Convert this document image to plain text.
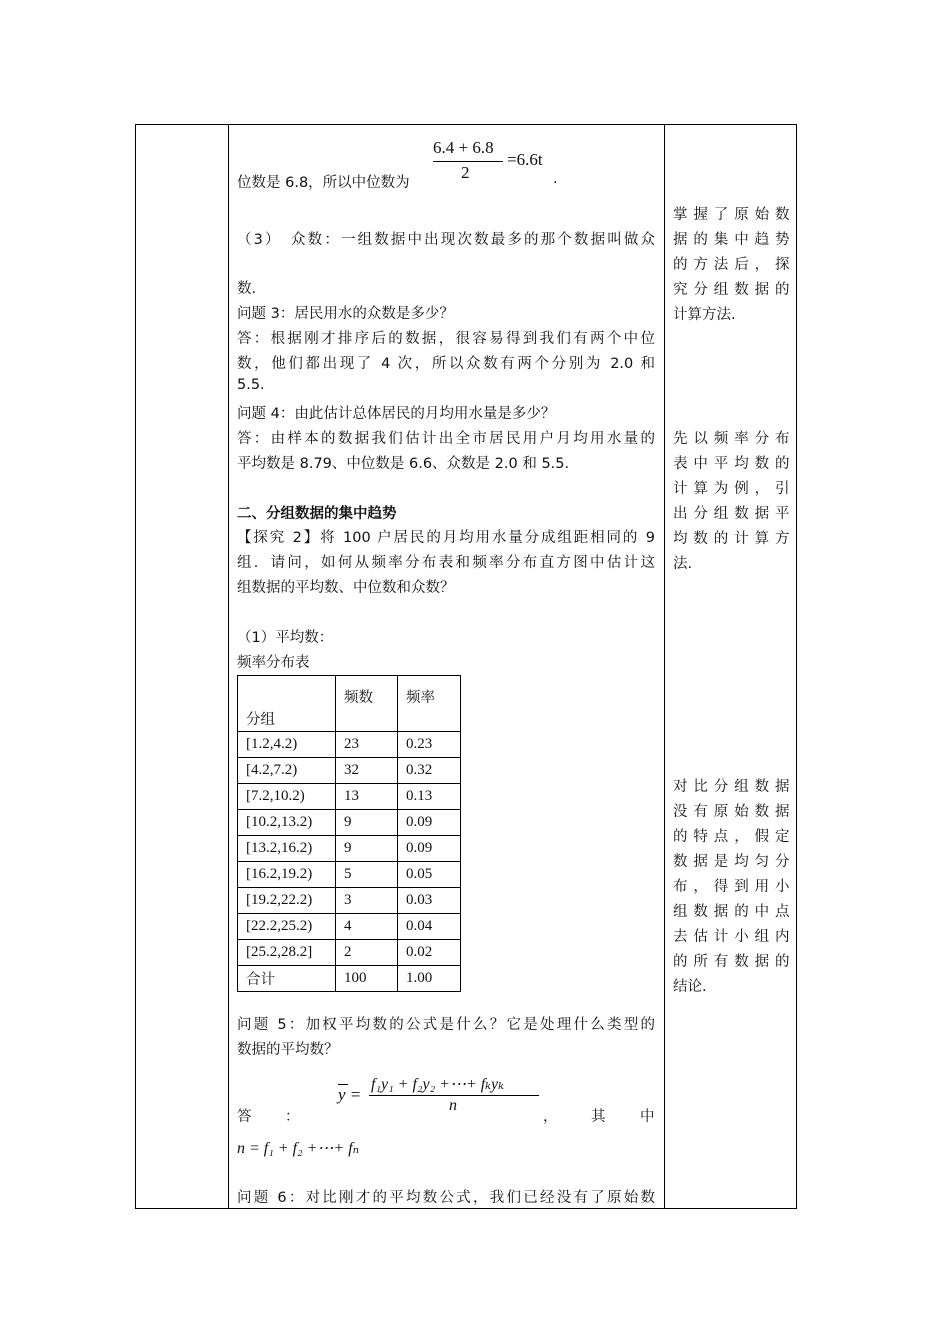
6.4 + 6.8
2
=6.6t
位数是 6.8，所以中位数为	.
（3）　众数：一组数据中出现次数最多的那个数据叫做众
数.
问题 3：居民用水的众数是多少？
答：根据刚才排序后的数据，很容易得到我们有两个中位
数，他们都出现了 4 次，所以众数有两个分别为 2.0 和
5.5.
问题 4：由此估计总体居民的月均用水量是多少？
答：由样本的数据我们估计出全市居民用户月均用水量的
平均数是 8.79、中位数是 6.6、众数是 2.0 和 5.5.
二、分组数据的集中趋势
【探究 2】将 100 户居民的月均用水量分成组距相同的 9
组．请问，如何从频率分布表和频率分布直方图中估计这
组数据的平均数、中位数和众数？
（1）平均数：
频率分布表
分组	频数	频率
[1.2,4.2)	23	0.23
[4.2,7.2)	32	0.32
[7.2,10.2)	13	0.13
[10.2,13.2)	9	0.09
[13.2,16.2)	9	0.09
[16.2,19.2)	5	0.05
[19.2,22.2)	3	0.03
[22.2,25.2)	4	0.04
[25.2,28.2]	2	0.02
合计	100	1.00
问题 5：加权平均数的公式是什么？它是处理什么类型的
数据的平均数？
y =
f₁y₁ + f₂y₂ +⋯+ fₖyₖ
n
答 ：	， 其 中
n = f₁ + f₂ +⋯+ fₙ
问题 6：对比刚才的平均数公式，我们已经没有了原始数
掌握了原始数
据的集中趋势
的方法后，探
究分组数据的
计算方法.
先以频率分布
表中平均数的
计算为例，引
出分组数据平
均数的计算方
法.
对比分组数据
没有原始数据
的特点，假定
数据是均匀分
布，得到用小
组数据的中点
去估计小组内
的所有数据的
结论.
